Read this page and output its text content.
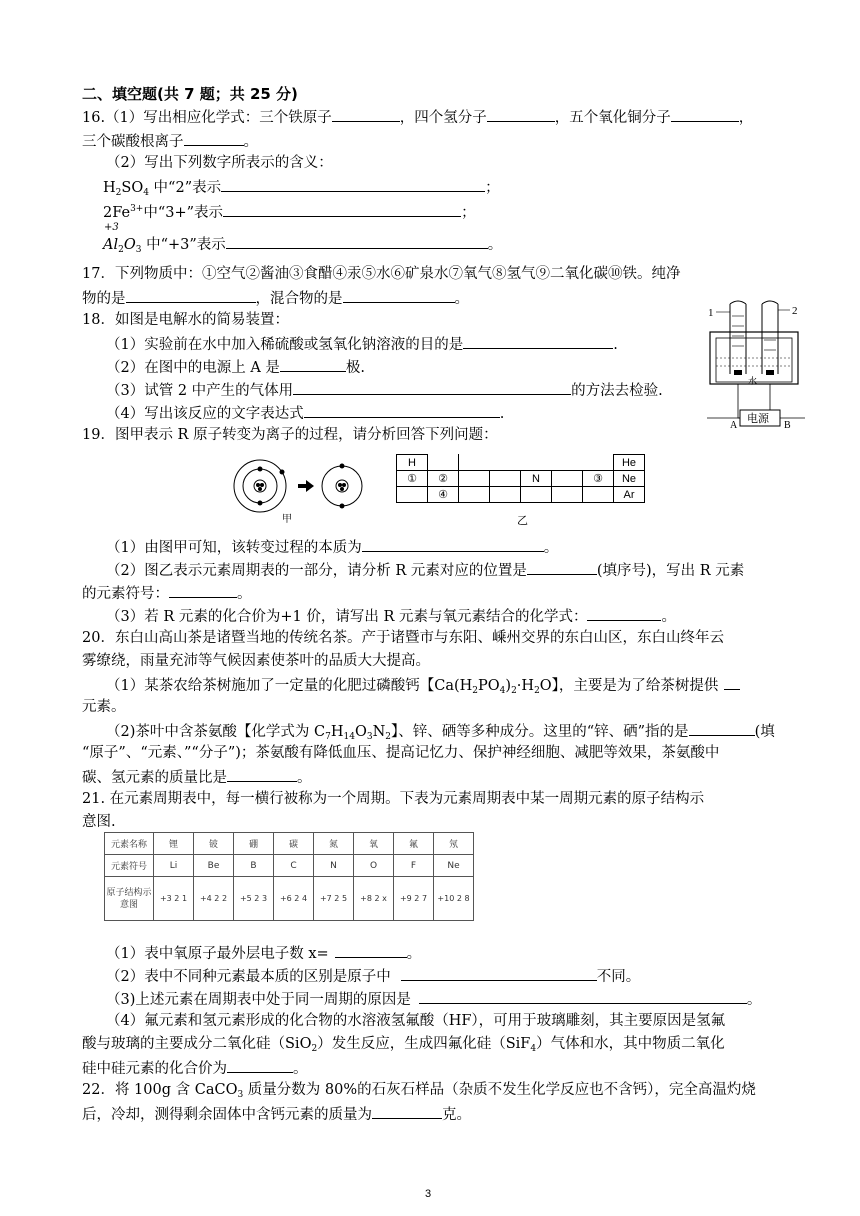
二、填空题(共 7 题；共 25 分)
16.（1）写出相应化学式：三个铁原子	，四个氢分子	，五个氧化铜分子	，
三个碳酸根离子	。
（2）写出下列数字所表示的含义：
$H_2SO_4$ 中“2”表示	；
$2Fe^{3+}$中“3+”表示	；
+3
$Al_2O_3$ 中“+3”表示	。
17．下列物质中：①空气②酱油③食醋④汞⑤水⑥矿泉水⑦氧气⑧氢气⑨二氧化碳⑩铁。纯净
物的是	，混合物的是	。
18．如图是电解水的简易装置：
（1）实验前在水中加入稀硫酸或氢氧化钠溶液的目的是	.
（2）在图中的电源上 A 是	极.
（3）试管 2 中产生的气体用	的方法去检验.
（4）写出该反应的文字表达式	.
1	2
水
电源
A	B
19．图甲表示 R 原子转变为离子的过程，请分析回答下列问题：
甲
H							He
①	②			N		③	Ne
	④						Ar
乙
（1）由图甲可知，该转变过程的本质为	。
（2）图乙表示元素周期表的一部分，请分析 R 元素对应的位置是	(填序号)，写出 R 元素
的元素符号：	。
（3）若 R 元素的化合价为+1 价，请写出 R 元素与氧元素结合的化学式：	。
20．东白山高山茶是诸暨当地的传统名茶。产于诸暨市与东阳、嵊州交界的东白山区，东白山终年云
雾缭绕，雨量充沛等气候因素使茶叶的品质大大提高。
（1）某茶农给茶树施加了一定量的化肥过磷酸钙【$Ca(H_2PO_4)_2\cdot H_2O$】，主要是为了给茶树提供
元素。
（2)茶叶中含茶氨酸【化学式为 $C_7H_{14}O_3N_2$】、锌、硒等多种成分。这里的“锌、硒”指的是	(填
“原子”、“元素、”“分子”)；茶氨酸有降低血压、提高记忆力、保护神经细胞、减肥等效果，茶氨酸中
碳、氢元素的质量比是	。
21. 在元素周期表中，每一横行被称为一个周期。下表为元素周期表中某一周期元素的原子结构示
意图.
元素名称	锂	铍	硼	碳	氮	氧	氟	氖
元素符号	Li	Be	B	C	N	O	F	Ne
原子结构示意图	+3 2 1	+4 2 2	+5 2 3	+6 2 4	+7 2 5	+8 2 x	+9 2 7	+10 2 8
（1）表中氧原子最外层电子数 x=	。
（2）表中不同种元素最本质的区别是原子中	不同。
（3)上述元素在周期表中处于同一周期的原因是	。
（4）氟元素和氢元素形成的化合物的水溶液氢氟酸（HF），可用于玻璃雕刻，其主要原因是氢氟
酸与玻璃的主要成分二氧化硅（SiO$_2$）发生反应，生成四氟化硅（SiF$_4$）气体和水，其中物质二氧化
硅中硅元素的化合价为	。
22．将 100g 含 CaCO$_3$ 质量分数为 80%的石灰石样品（杂质不发生化学反应也不含钙），完全高温灼烧
后，冷却，测得剩余固体中含钙元素的质量为	克。
3
